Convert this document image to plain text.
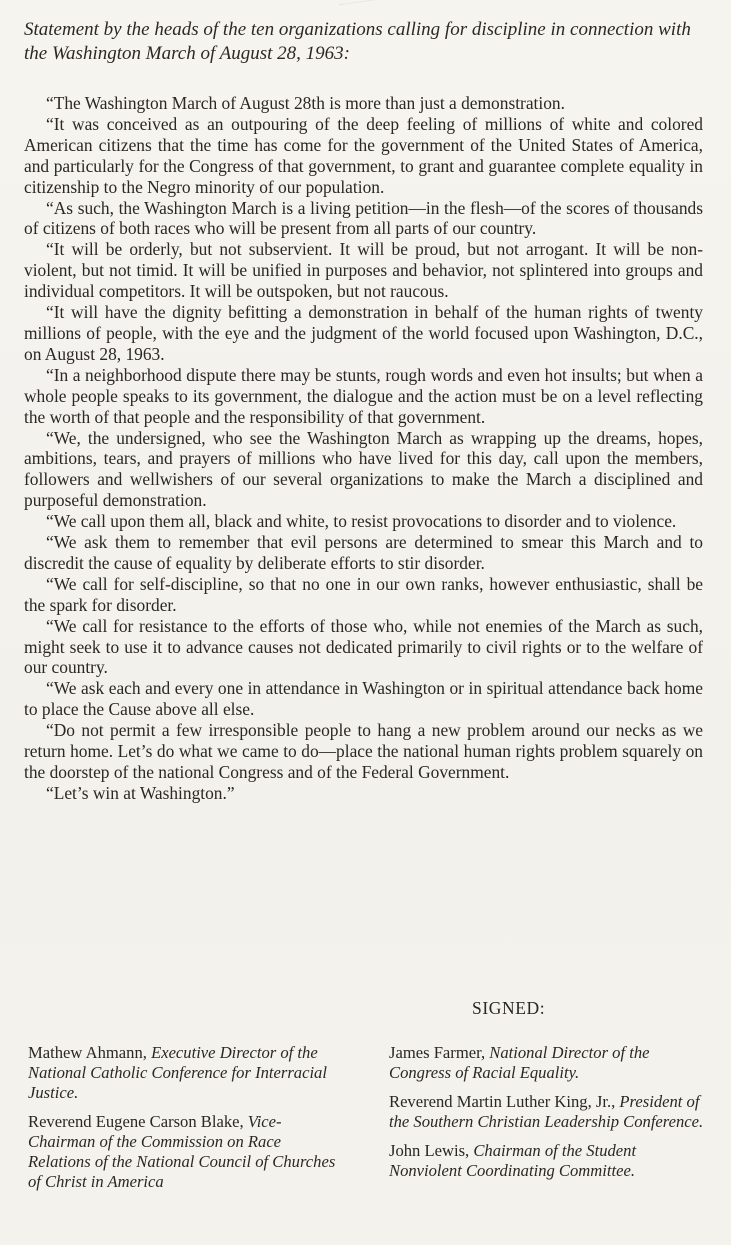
Statement by the heads of the ten organizations calling for discipline in connection with the Washington March of August 28, 1963:

“The Washington March of August 28th is more than just a demonstration.

“It was conceived as an outpouring of the deep feeling of millions of white and colored American citizens that the time has come for the government of the United States of America, and particularly for the Congress of that government, to grant and guarantee complete equality in citizenship to the Negro minority of our population.

“As such, the Washington March is a living petition—in the flesh—of the scores of thousands of citizens of both races who will be present from all parts of our country.

“It will be orderly, but not subservient. It will be proud, but not arrogant. It will be non-violent, but not timid. It will be unified in purposes and behavior, not splintered into groups and individual competitors. It will be outspoken, but not raucous.

“It will have the dignity befitting a demonstration in behalf of the human rights of twenty millions of people, with the eye and the judgment of the world focused upon Washington, D.C., on August 28, 1963.

“In a neighborhood dispute there may be stunts, rough words and even hot insults; but when a whole people speaks to its government, the dialogue and the action must be on a level reflecting the worth of that people and the responsibility of that government.

“We, the undersigned, who see the Washington March as wrapping up the dreams, hopes, ambitions, tears, and prayers of millions who have lived for this day, call upon the members, followers and wellwishers of our several organizations to make the March a disciplined and purposeful demonstration.

“We call upon them all, black and white, to resist provocations to disorder and to violence.

“We ask them to remember that evil persons are determined to smear this March and to discredit the cause of equality by deliberate efforts to stir disorder.

“We call for self-discipline, so that no one in our own ranks, however enthusiastic, shall be the spark for disorder.

“We call for resistance to the efforts of those who, while not enemies of the March as such, might seek to use it to advance causes not dedicated primarily to civil rights or to the welfare of our country.

“We ask each and every one in attendance in Washington or in spiritual attendance back home to place the Cause above all else.

“Do not permit a few irresponsible people to hang a new problem around our necks as we return home. Let’s do what we came to do—place the national human rights problem squarely on the doorstep of the national Congress and of the Federal Government.

“Let’s win at Washington.”

SIGNED:
Mathew Ahmann, Executive Director of the National Catholic Conference for Interracial Justice.
Reverend Eugene Carson Blake, Vice-Chairman of the Commission on Race Relations of the National Council of Churches of Christ in America
James Farmer, National Director of the Congress of Racial Equality.
Reverend Martin Luther King, Jr., President of the Southern Christian Leadership Conference.
John Lewis, Chairman of the Student Nonviolent Coordinating Committee.
